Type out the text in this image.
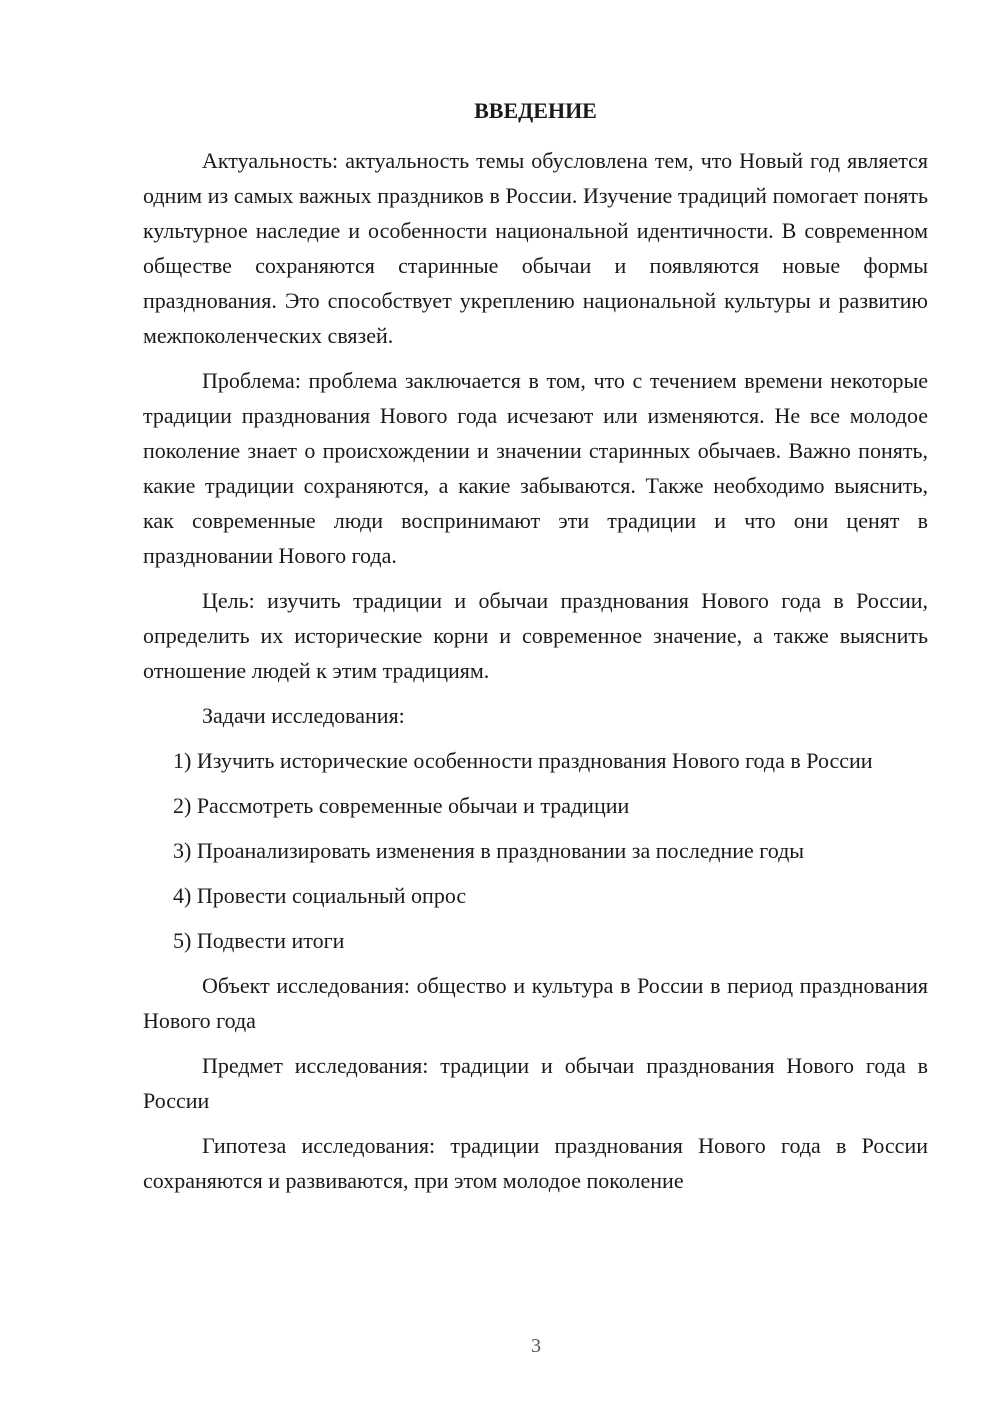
ВВЕДЕНИЕ

Актуальность: актуальность темы обусловлена тем, что Новый год является одним из самых важных праздников в России. Изучение традиций помогает понять культурное наследие и особенности национальной идентичности. В современном обществе сохраняются старинные обычаи и появляются новые формы празднования. Это способствует укреплению национальной культуры и развитию межпоколенческих связей.

Проблема: проблема заключается в том, что с течением времени некоторые традиции празднования Нового года исчезают или изменяются. Не все молодое поколение знает о происхождении и значении старинных обычаев. Важно понять, какие традиции сохраняются, а какие забываются. Также необходимо выяснить, как современные люди воспринимают эти традиции и что они ценят в праздновании Нового года.

Цель: изучить традиции и обычаи празднования Нового года в России, определить их исторические корни и современное значение, а также выяснить отношение людей к этим традициям.

Задачи исследования:

1) Изучить исторические особенности празднования Нового года в России

2) Рассмотреть современные обычаи и традиции

3) Проанализировать изменения в праздновании за последние годы

4) Провести социальный опрос

5) Подвести итоги

Объект исследования: общество и культура в России в период празднования Нового года

Предмет исследования: традиции и обычаи празднования Нового года в России

Гипотеза исследования: традиции празднования Нового года в России сохраняются и развиваются, при этом молодое поколение

3
